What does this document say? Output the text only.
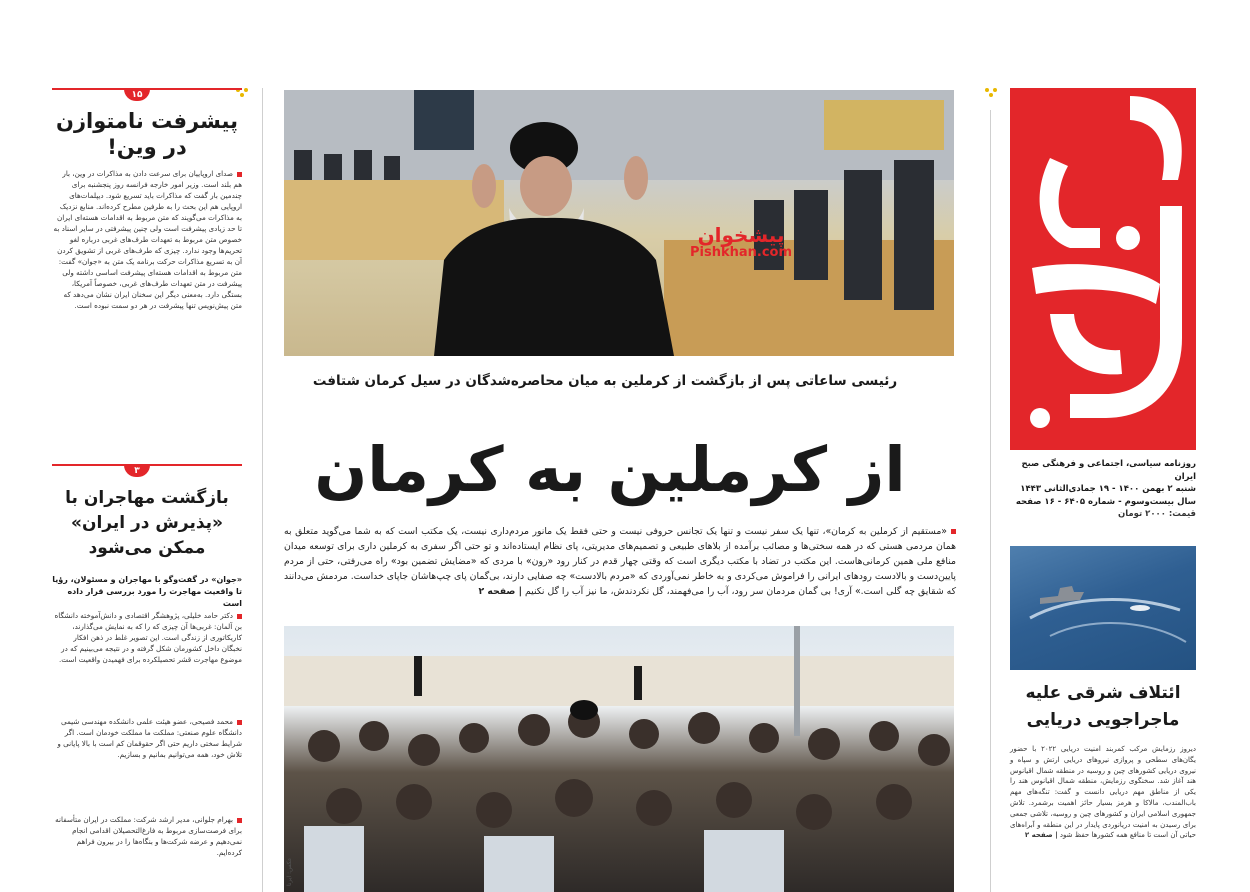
روزنامه سیاسی، اجتماعی و فرهنگی صبح ایران

شنبه ۲ بهمن ۱۴۰۰ - ۱۹ جمادی‌الثانی ۱۴۴۳

سال بیست‌وسوم - شماره ۶۴۰۵ - ۱۶ صفحه

قیمت: ۲۰۰۰ تومان

ائتلاف شرقی علیه ماجراجویی دریایی

دیروز رزمایش مرکب کمربند امنیت دریایی ۲۰۲۲ با حضور یگان‌های سطحی و پروازی نیروهای دریایی ارتش و سپاه و نیروی دریایی کشورهای چین و روسیه در منطقه شمال اقیانوس هند آغاز شد. سخنگوی رزمایش، منطقه شمال اقیانوس هند را یکی از مناطق مهم دریایی دانست و گفت: تنگه‌های مهم باب‌المندب، مالاکا و هرمز بسیار حائز اهمیت برشمرد. تلاش جمهوری اسلامی ایران و کشورهای چین و روسیه، تلاشی جمعی برای رسیدن به امنیت دریانوردی پایدار در این منطقه و آبراه‌های حیاتی آن است تا منافع همه کشورها حفظ شود | صفحه ۲

پیشخوان
Pishkhan.com
رئیسی ساعاتی پس از بازگشت از کرملین به میان محاصره‌شدگان در سیل کرمان شتافت
از کرملین به کرمان

«مستقیم از کرملین به کرمان»، تنها یک سفر نیست و تنها یک تجانس حروفی نیست و حتی فقط یک مانور مردم‌داری نیست، یک مکتب است که به شما می‌گوید متعلق به همان مردمی هستی که در همه سختی‌ها و مصائب برآمده از بلاهای طبیعی و تصمیم‌های مدیریتی، پای نظام ایستاده‌اند و تو حتی اگر سفری به کرملین داری برای توسعه میدان منافع ملی همین کرمانی‌هاست. این مکتب در تضاد با مکتب دیگری است که وقتی چهار قدم در کنار رود «رون» با مردی که «مضایش تضمین بود» راه می‌رفتی، حتی از مردم پایین‌دست و بالادست رودهای ایرانی را فراموش می‌کردی و به خاطر نمی‌آوردی که «مردم بالادست» چه صفایی دارند، بی‌گمان پای چپ‌هاشان جاپای خداست. مردمش می‌دانند که شقایق چه گلی است.» آری! بی گمان مردمان سر رود، آب را می‌فهمند، گل نکردندش، ما نیز آب را گل نکنیم | صفحه ۲

عکس: ایرنا
۱۵

پیشرفت نامتوازن در وین!

صدای اروپاییان برای سرعت دادن به مذاکرات در وین، بار هم بلند است. وزیر امور خارجه فرانسه روز پنجشنبه برای چندمین بار گفت که مذاکرات باید تسریع شود. دیپلمات‌های اروپایی هم این بحث را به طرفین مطرح کرده‌اند. منابع نزدیک به مذاکرات می‌گویند که متن مربوط به اقدامات هسته‌ای ایران تا حد زیادی پیشرفت است ولی چنین پیشرفتی در سایر اسناد به خصوص متن مربوط به تعهدات طرف‌های غربی درباره لغو تحریم‌ها وجود ندارد. چیزی که طرف‌های غربی از تشویق کردن آن به تسریع مذاکرات حرکت برنامه یک متن به «جوان» گفت: متن مربوط به اقدامات هسته‌ای پیشرفت اساسی داشته ولی پیشرفت در متن تعهدات طرف‌های غربی، خصوصاً آمریکا، بستگی دارد. به‌معنی دیگر این سخنان ایران نشان می‌دهد که متن پیش‌نویس تنها پیشرفت در هر دو سمت نبوده است.

۳

بازگشت مهاجران با «پذیرش در ایران» ممکن می‌شود

«جوان» در گفت‌وگو با مهاجران و مسئولان، رؤیا تا واقعیت مهاجرت را مورد بررسی قرار داده است

دکتر حامد خلیلی، پژوهشگر اقتصادی و دانش‌آموخته دانشگاه بن آلمان: غربی‌ها آن چیزی که را که به نمایش می‌گذارند، کاریکاتوری از زندگی است. این تصویر غلط در ذهن افکار نخبگان داخل کشورمان شکل گرفته و در نتیجه می‌بینیم که در موضوع مهاجرت قشر تحصیلکرده برای فهمیدن واقعیت است.

محمد فصیحی، عضو هیئت علمی دانشکده مهندسی شیمی دانشگاه علوم صنعتی: مملکت ما مملکت خودمان است. اگر شرایط سختی داریم حتی اگر حقوقمان کم است با بالا پایانی و تلاش خود، همه می‌توانیم بمانیم و بسازیم.

بهرام جلوانی، مدیر ارشد شرکت: مملکت در ایران متأسفانه برای فرصت‌سازی مربوط به فارغ‌التحصیلان اقدامی انجام نمی‌دهیم و عرضه شرکت‌ها و بنگاه‌ها را در بیرون فراهم کرده‌ایم.
